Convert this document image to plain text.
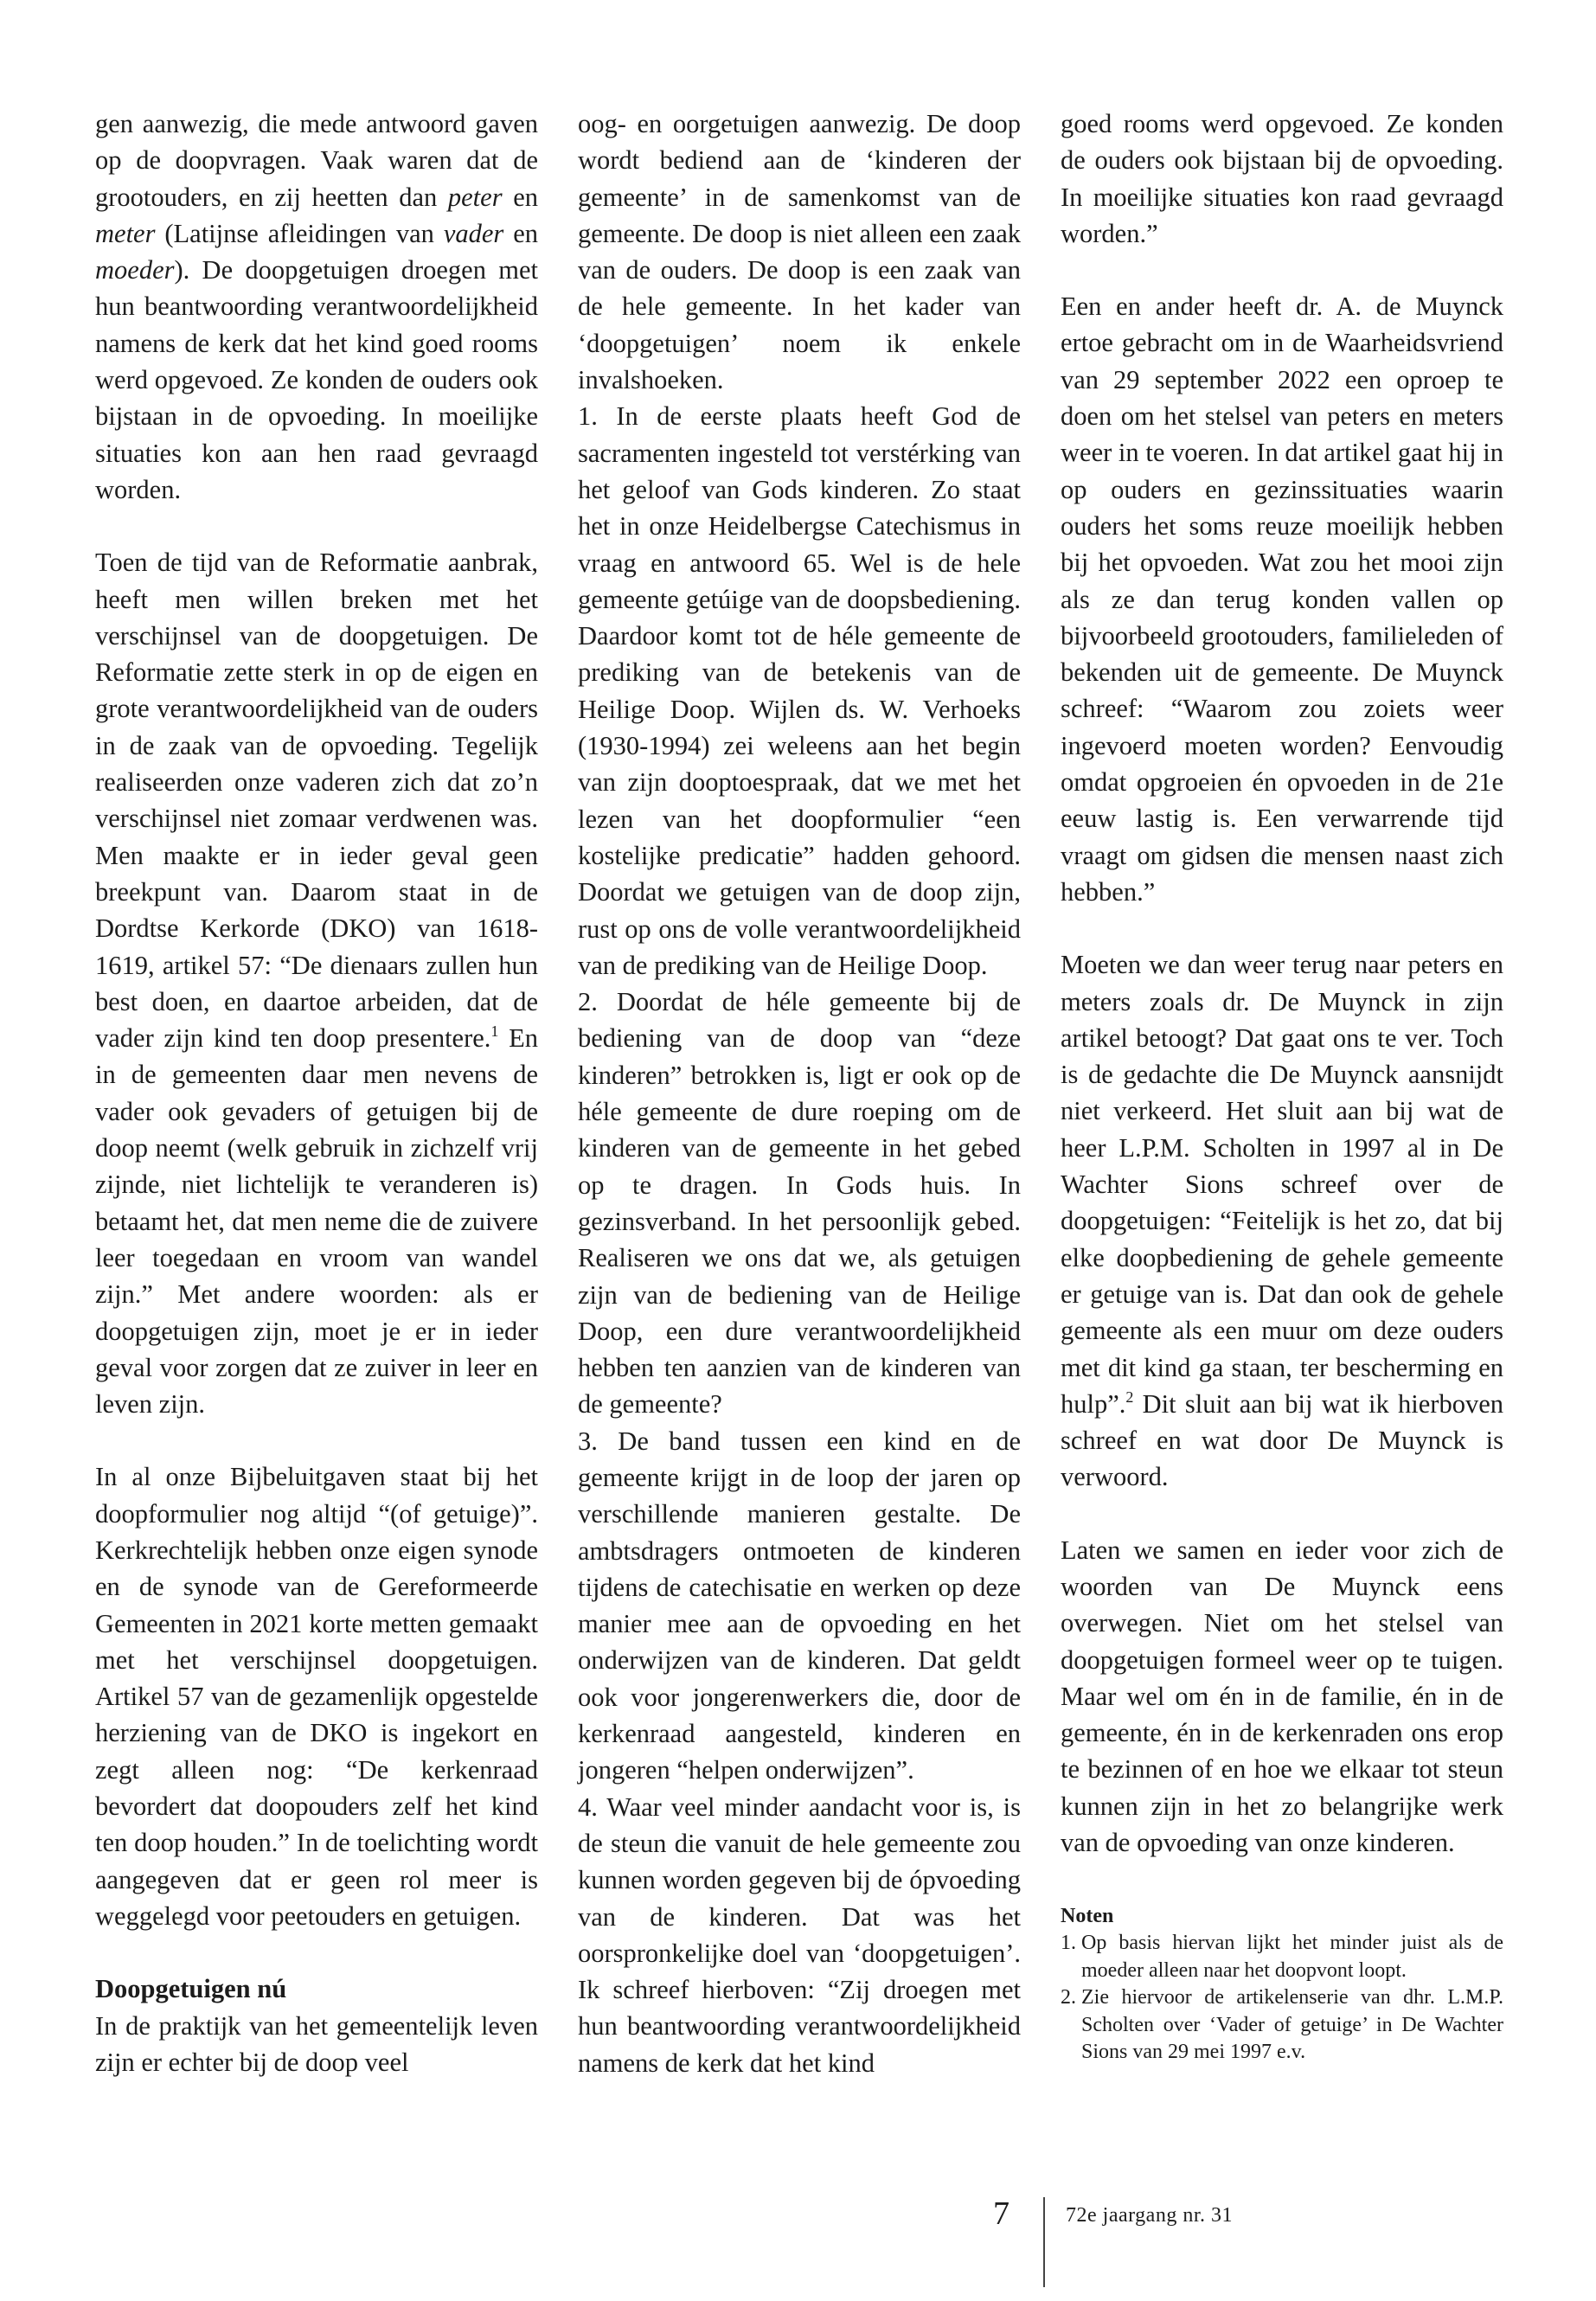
gen aanwezig, die mede antwoord gaven op de doopvragen. Vaak waren dat de grootouders, en zij heetten dan peter en meter (Latijnse afleidingen van vader en moeder). De doopgetuigen droegen met hun beantwoording verantwoordelijkheid namens de kerk dat het kind goed rooms werd opgevoed. Ze konden de ouders ook bijstaan in de opvoeding. In moeilijke situaties kon aan hen raad gevraagd worden.

Toen de tijd van de Reformatie aanbrak, heeft men willen breken met het verschijnsel van de doopgetuigen. De Reformatie zette sterk in op de eigen en grote verantwoordelijkheid van de ouders in de zaak van de opvoeding. Tegelijk realiseerden onze vaderen zich dat zo’n verschijnsel niet zomaar verdwenen was. Men maakte er in ieder geval geen breekpunt van. Daarom staat in de Dordtse Kerkorde (DKO) van 1618-1619, artikel 57: “De dienaars zullen hun best doen, en daartoe arbeiden, dat de vader zijn kind ten doop presentere.$^1$ En in de gemeenten daar men nevens de vader ook gevaders of getuigen bij de doop neemt (welk gebruik in zichzelf vrij zijnde, niet lichtelijk te veranderen is) betaamt het, dat men neme die de zuivere leer toegedaan en vroom van wandel zijn.” Met andere woorden: als er doopgetuigen zijn, moet je er in ieder geval voor zorgen dat ze zuiver in leer en leven zijn.

In al onze Bijbeluitgaven staat bij het doopformulier nog altijd “(of getuige)”. Kerkrechtelijk hebben onze eigen synode en de synode van de Gereformeerde Gemeenten in 2021 korte metten gemaakt met het verschijnsel doopgetuigen. Artikel 57 van de gezamenlijk opgestelde herziening van de DKO is ingekort en zegt alleen nog: “De kerkenraad bevordert dat doopouders zelf het kind ten doop houden.” In de toelichting wordt aangegeven dat er geen rol meer is weggelegd voor peetouders en getuigen.

Doopgetuigen nú

In de praktijk van het gemeentelijk leven zijn er echter bij de doop veel

oog- en oorgetuigen aanwezig. De doop wordt bediend aan de ‘kinderen der gemeente’ in de samenkomst van de gemeente. De doop is niet alleen een zaak van de ouders. De doop is een zaak van de hele gemeente. In het kader van ‘doopgetuigen’ noem ik enkele invalshoeken.

1. In de eerste plaats heeft God de sacramenten ingesteld tot verstérking van het geloof van Gods kinderen. Zo staat het in onze Heidelbergse Catechismus in vraag en antwoord 65. Wel is de hele gemeente getúige van de doopsbediening. Daardoor komt tot de héle gemeente de prediking van de betekenis van de Heilige Doop. Wijlen ds. W. Verhoeks (1930-1994) zei weleens aan het begin van zijn dooptoespraak, dat we met het lezen van het doopformulier “een kostelijke predicatie” hadden gehoord. Doordat we getuigen van de doop zijn, rust op ons de volle verantwoordelijkheid van de prediking van de Heilige Doop.

2. Doordat de héle gemeente bij de bediening van de doop van “deze kinderen” betrokken is, ligt er ook op de héle gemeente de dure roeping om de kinderen van de gemeente in het gebed op te dragen. In Gods huis. In gezinsverband. In het persoonlijk gebed. Realiseren we ons dat we, als getuigen zijn van de bediening van de Heilige Doop, een dure verantwoordelijkheid hebben ten aanzien van de kinderen van de gemeente?

3. De band tussen een kind en de gemeente krijgt in de loop der jaren op verschillende manieren gestalte. De ambtsdragers ontmoeten de kinderen tijdens de catechisatie en werken op deze manier mee aan de opvoeding en het onderwijzen van de kinderen. Dat geldt ook voor jongerenwerkers die, door de kerkenraad aangesteld, kinderen en jongeren “helpen onderwijzen”.

4. Waar veel minder aandacht voor is, is de steun die vanuit de hele gemeente zou kunnen worden gegeven bij de ópvoeding van de kinderen. Dat was het oorspronkelijke doel van ‘doopgetuigen’. Ik schreef hierboven: “Zij droegen met hun beantwoording verantwoordelijkheid namens de kerk dat het kind

goed rooms werd opgevoed. Ze konden de ouders ook bijstaan bij de opvoeding. In moeilijke situaties kon raad gevraagd worden.”

Een en ander heeft dr. A. de Muynck ertoe gebracht om in de Waarheidsvriend van 29 september 2022 een oproep te doen om het stelsel van peters en meters weer in te voeren. In dat artikel gaat hij in op ouders en gezinssituaties waarin ouders het soms reuze moeilijk hebben bij het opvoeden. Wat zou het mooi zijn als ze dan terug konden vallen op bijvoorbeeld grootouders, familieleden of bekenden uit de gemeente. De Muynck schreef: “Waarom zou zoiets weer ingevoerd moeten worden? Eenvoudig omdat opgroeien én opvoeden in de 21e eeuw lastig is. Een verwarrende tijd vraagt om gidsen die mensen naast zich hebben.”

Moeten we dan weer terug naar peters en meters zoals dr. De Muynck in zijn artikel betoogt? Dat gaat ons te ver. Toch is de gedachte die De Muynck aansnijdt niet verkeerd. Het sluit aan bij wat de heer L.P.M. Scholten in 1997 al in De Wachter Sions schreef over de doopgetuigen: “Feitelijk is het zo, dat bij elke doopbediening de gehele gemeente er getuige van is. Dat dan ook de gehele gemeente als een muur om deze ouders met dit kind ga staan, ter bescherming en hulp”.$^2$ Dit sluit aan bij wat ik hierboven schreef en wat door De Muynck is verwoord.

Laten we samen en ieder voor zich de woorden van De Muynck eens overwegen. Niet om het stelsel van doopgetuigen formeel weer op te tuigen. Maar wel om én in de familie, én in de gemeente, én in de kerkenraden ons erop te bezinnen of en hoe we elkaar tot steun kunnen zijn in het zo belangrijke werk van de opvoeding van onze kinderen.

Noten

1. Op basis hiervan lijkt het minder juist als de moeder alleen naar het doopvont loopt.
2. Zie hiervoor de artikelenserie van dhr. L.M.P. Scholten over ‘Vader of getuige’ in De Wachter Sions van 29 mei 1997 e.v.
7	72e jaargang nr. 31
